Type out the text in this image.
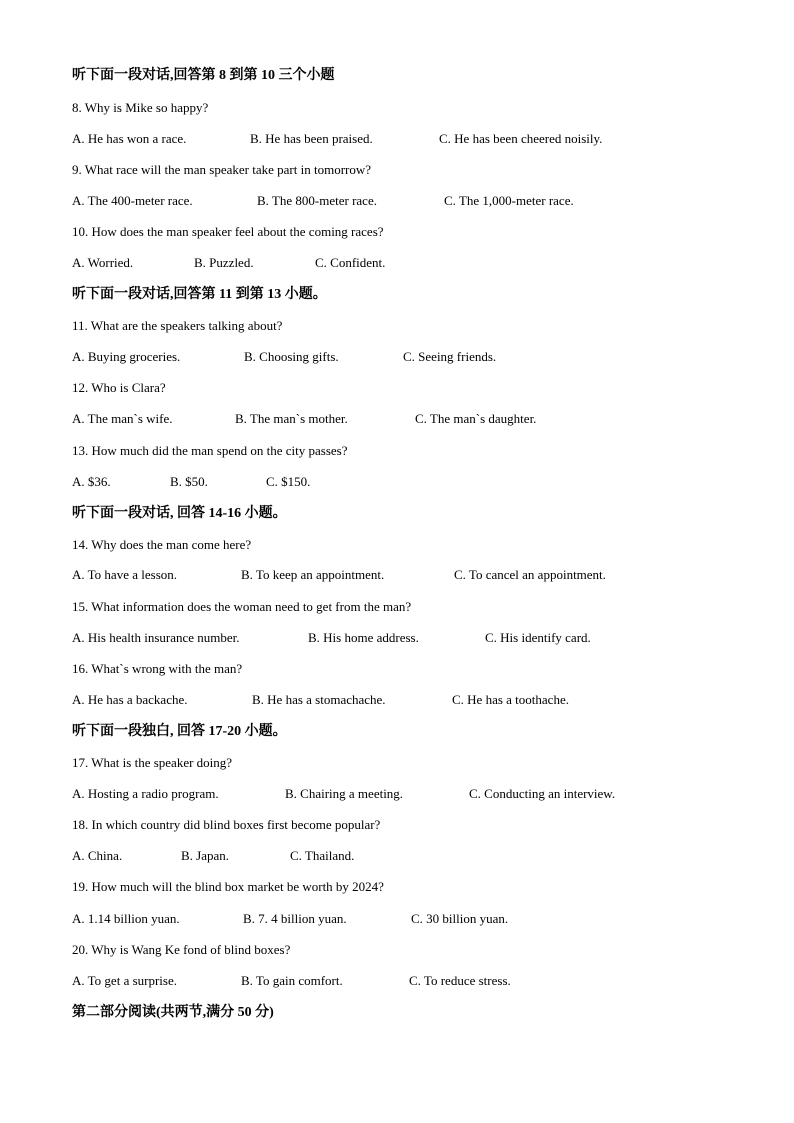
听下面一段对话,回答第 8 到第 10 三个小题
8. Why is Mike so happy?
A. He has won a race.	B. He has been praised.	C. He has been cheered noisily.
9. What race will the man speaker take part in tomorrow?
A. The 400-meter race.	B. The 800-meter race.	C. The 1,000-meter race.
10. How does the man speaker feel about the coming races?
A. Worried.	B. Puzzled.	C. Confident.
听下面一段对话,回答第 11 到第 13 小题。
11. What are the speakers talking about?
A. Buying groceries.	B. Choosing gifts.	C. Seeing friends.
12. Who is Clara?
A. The man`s wife.	B. The man`s mother.	C. The man`s daughter.
13. How much did the man spend on the city passes?
A. $36.	B. $50.	C. $150.
听下面一段对话, 回答 14-16 小题。
14. Why does the man come here?
A. To have a lesson.	B. To keep an appointment.	C. To cancel an appointment.
15. What information does the woman need to get from the man?
A. His health insurance number.	B. His home address.	C. His identify card.
16. What`s wrong with the man?
A. He has a backache.	B. He has a stomachache.	C. He has a toothache.
听下面一段独白, 回答 17-20 小题。
17. What is the speaker doing?
A. Hosting a radio program.	B. Chairing a meeting.	C. Conducting an interview.
18. In which country did blind boxes first become popular?
A. China.	B. Japan.	C. Thailand.
19. How much will the blind box market be worth by 2024?
A. 1.14 billion yuan.	B. 7. 4 billion yuan.	C. 30 billion yuan.
20. Why is Wang Ke fond of blind boxes?
A. To get a surprise.	B. To gain comfort.	C. To reduce stress.
第二部分阅读(共两节,满分 50 分)
